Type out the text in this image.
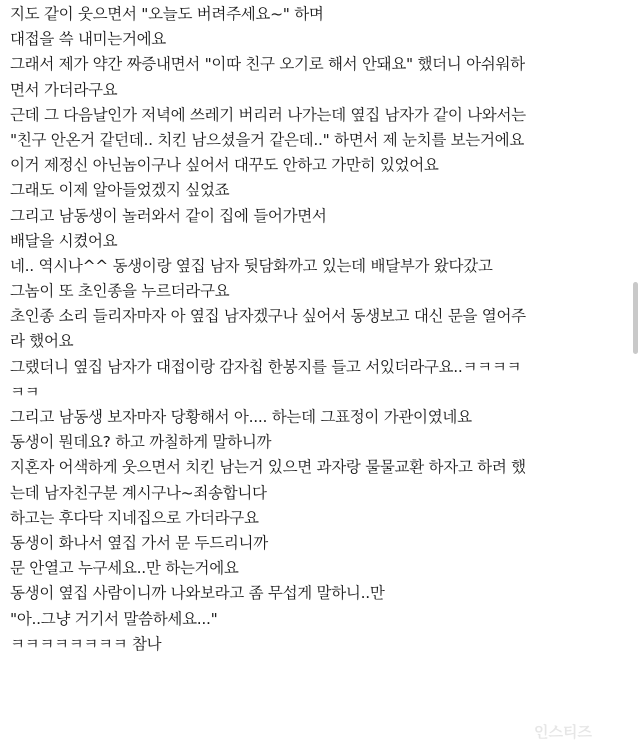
지도 같이 웃으면서 "오늘도 버려주세요~" 하며
대접을 쓱 내미는거에요
그래서 제가 약간 짜증내면서 "이따 친구 오기로 해서 안돼요" 했더니 아쉬워하
면서 가더라구요
근데 그 다음날인가 저녁에 쓰레기 버리러 나가는데 옆집 남자가 같이 나와서는
"친구 안온거 같던데.. 치킨 남으셨을거 같은데.." 하면서 제 눈치를 보는거에요
이거 제정신 아닌놈이구나 싶어서 대꾸도 안하고 가만히 있었어요
그래도 이제 알아들었겠지 싶었죠
그리고 남동생이 놀러와서 같이 집에 들어가면서
배달을 시켰어요
네.. 역시나^^ 동생이랑 옆집 남자 뒷담화까고 있는데 배달부가 왔다갔고
그놈이 또 초인종을 누르더라구요
초인종 소리 들리자마자 아 옆집 남자겠구나 싶어서 동생보고 대신 문을 열어주
라 했어요
그랬더니 옆집 남자가 대접이랑 감자칩 한봉지를 들고 서있더라구요..ㅋㅋㅋㅋ
ㅋㅋ
그리고 남동생 보자마자 당황해서 아.... 하는데 그표정이 가관이였네요
동생이 뭔데요? 하고 까칠하게 말하니까
지혼자 어색하게 웃으면서 치킨 남는거 있으면 과자랑 물물교환 하자고 하려 했
는데 남자친구분 계시구나~죄송합니다
하고는 후다닥 지네집으로 가더라구요
동생이 화나서 옆집 가서 문 두드리니까
문 안열고 누구세요..만 하는거에요
동생이 옆집 사람이니까 나와보라고 좀 무섭게 말하니..만
"아..그냥 거기서 말씀하세요..."
ㅋㅋㅋㅋㅋㅋㅋㅋ 참나
인스티즈
